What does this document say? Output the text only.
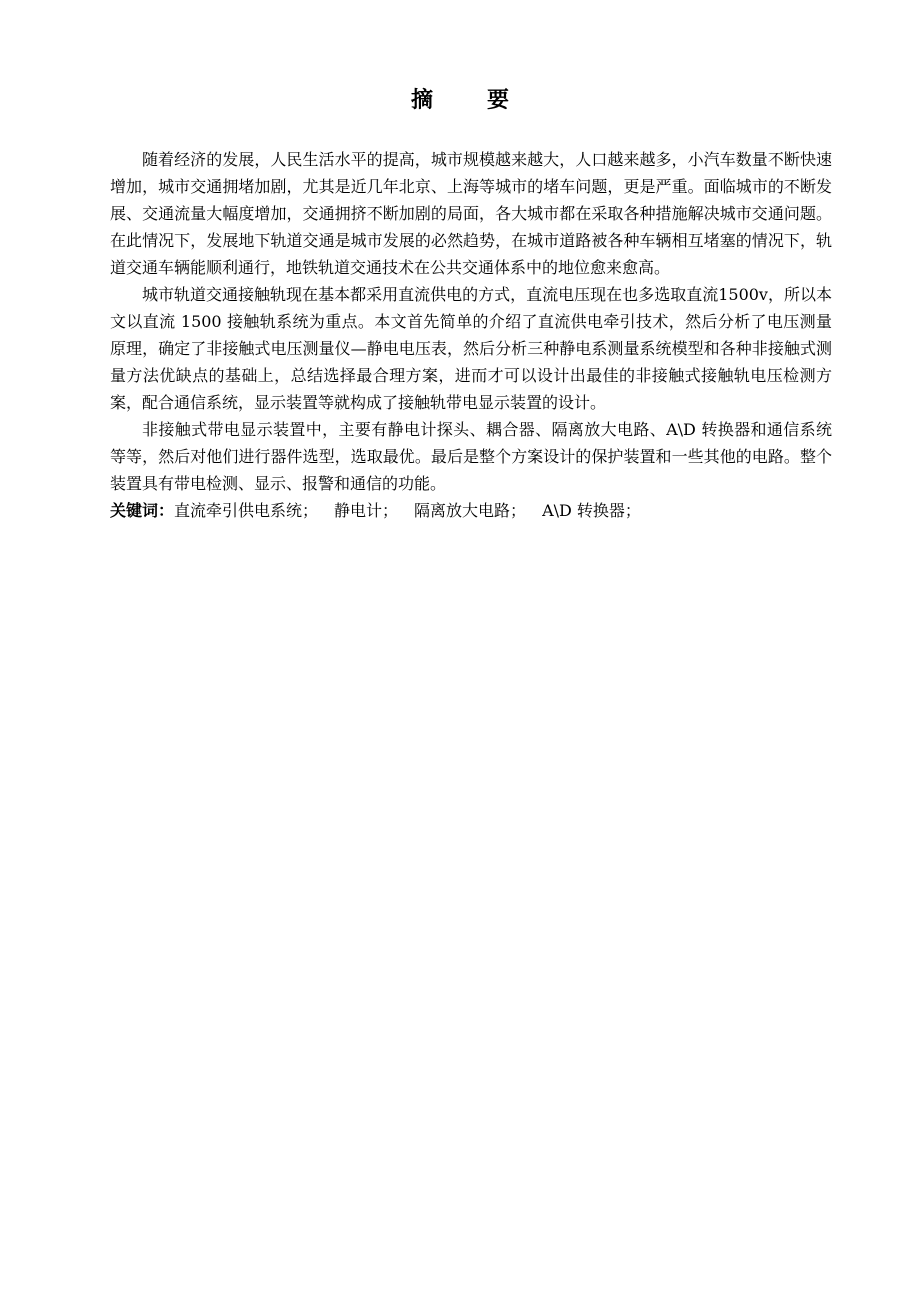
摘　要

随着经济的发展，人民生活水平的提高，城市规模越来越大，人口越来越多，小汽车数量不断快速增加，城市交通拥堵加剧，尤其是近几年北京、上海等城市的堵车问题，更是严重。面临城市的不断发展、交通流量大幅度增加，交通拥挤不断加剧的局面，各大城市都在采取各种措施解决城市交通问题。在此情况下，发展地下轨道交通是城市发展的必然趋势，在城市道路被各种车辆相互堵塞的情况下，轨道交通车辆能顺利通行，地铁轨道交通技术在公共交通体系中的地位愈来愈高。

城市轨道交通接触轨现在基本都采用直流供电的方式，直流电压现在也多选取直流1500v，所以本文以直流 1500 接触轨系统为重点。本文首先简单的介绍了直流供电牵引技术，然后分析了电压测量原理，确定了非接触式电压测量仪—静电电压表，然后分析三种静电系测量系统模型和各种非接触式测量方法优缺点的基础上，总结选择最合理方案，进而才可以设计出最佳的非接触式接触轨电压检测方案，配合通信系统，显示装置等就构成了接触轨带电显示装置的设计。

非接触式带电显示装置中，主要有静电计探头、耦合器、隔离放大电路、A\D 转换器和通信系统等等，然后对他们进行器件选型，选取最优。最后是整个方案设计的保护装置和一些其他的电路。整个装置具有带电检测、显示、报警和通信的功能。

关键词：直流牵引供电系统； 静电计； 隔离放大电路； A\D 转换器；
